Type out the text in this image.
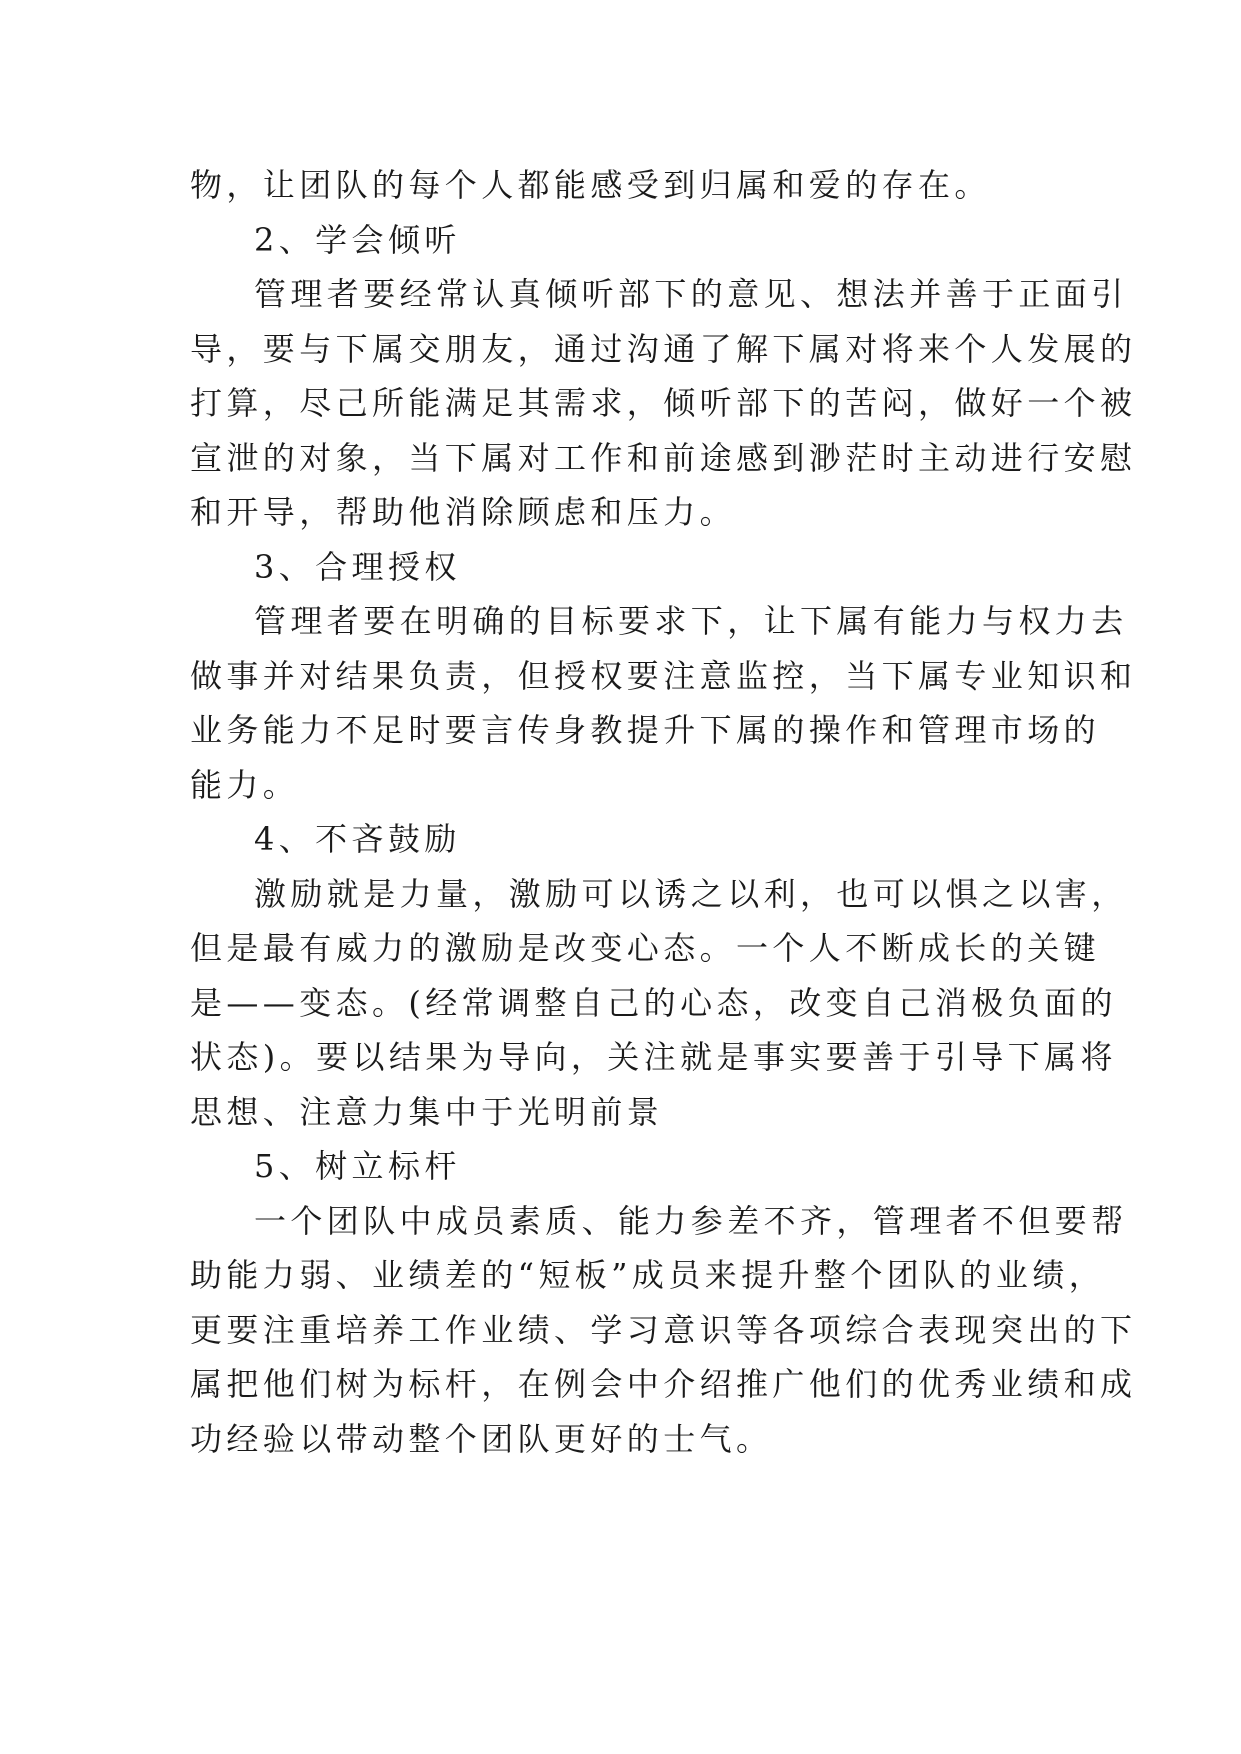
物，让团队的每个人都能感受到归属和爱的存在。
2、学会倾听
管理者要经常认真倾听部下的意见、想法并善于正面引
导，要与下属交朋友，通过沟通了解下属对将来个人发展的
打算，尽己所能满足其需求，倾听部下的苦闷，做好一个被
宣泄的对象，当下属对工作和前途感到渺茫时主动进行安慰
和开导，帮助他消除顾虑和压力。
3、合理授权
管理者要在明确的目标要求下，让下属有能力与权力去
做事并对结果负责，但授权要注意监控，当下属专业知识和
业务能力不足时要言传身教提升下属的操作和管理市场的
能力。
4、不吝鼓励
激励就是力量，激励可以诱之以利，也可以惧之以害，
但是最有威力的激励是改变心态。一个人不断成长的关键
是——变态。(经常调整自己的心态，改变自己消极负面的
状态)。要以结果为导向，关注就是事实要善于引导下属将
思想、注意力集中于光明前景
5、树立标杆
一个团队中成员素质、能力参差不齐，管理者不但要帮
助能力弱、业绩差的“短板”成员来提升整个团队的业绩，
更要注重培养工作业绩、学习意识等各项综合表现突出的下
属把他们树为标杆，在例会中介绍推广他们的优秀业绩和成
功经验以带动整个团队更好的士气。
